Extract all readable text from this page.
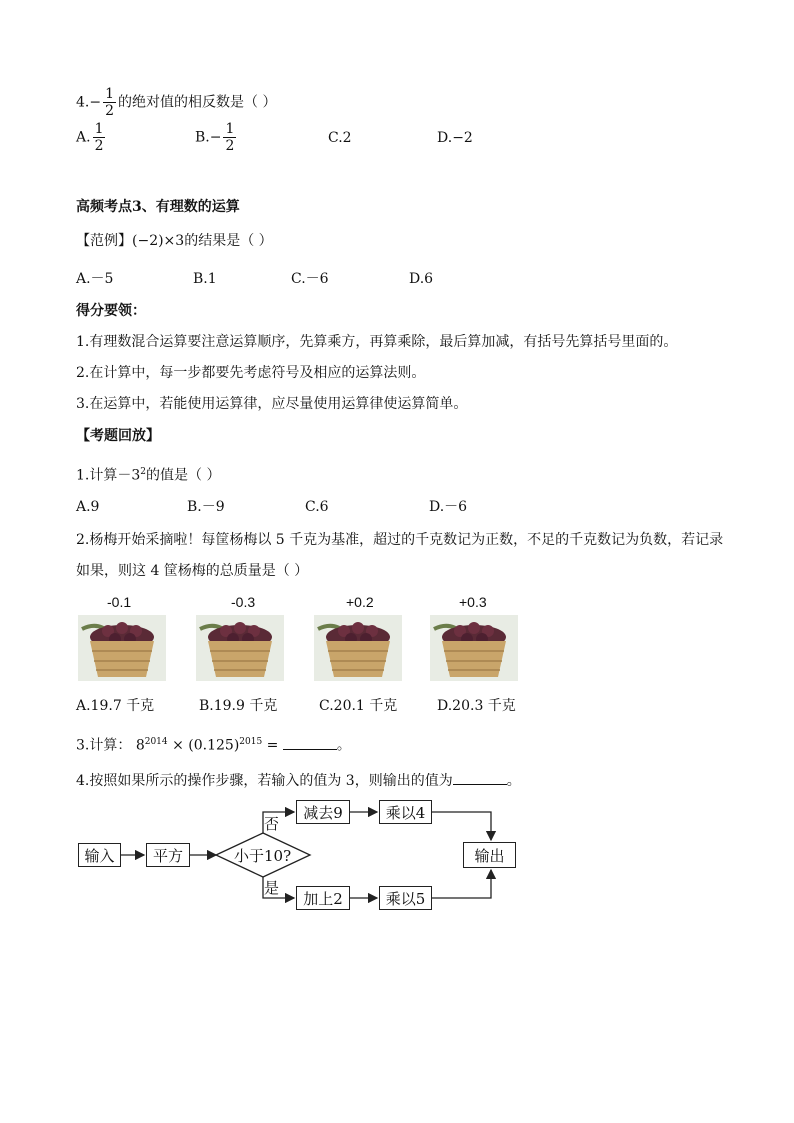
$4.- \frac{1}{2}$ 的绝对值的相反数是（ ）
A. $\frac{1}{2}$	$B.- \frac{1}{2}$	C.2	D.−2
高频考点3、有理数的运算
【范例】(−2)×3的结果是（ ）
A.－5	B.1	C.－6	D.6
得分要领：
1.有理数混合运算要注意运算顺序，先算乘方，再算乘除，最后算加减，有括号先算括号里面的。
2.在计算中，每一步都要先考虑符号及相应的运算法则。
3.在运算中，若能使用运算律，应尽量使用运算律使运算简单。
【考题回放】
1.计算$-3^2$的值是（ ）
A.9	B.－9	C.6	D.－6
2.杨梅开始采摘啦！每筐杨梅以 5 千克为基准，超过的千克数记为正数，不足的千克数记为负数，若记录
如果，则这 4 筐杨梅的总质量是（ ）
-0.1	-0.3	+0.2	+0.3
A.19.7 千克	B.19.9 千克	C.20.1 千克	D.20.3 千克
3.计算： $8^{2014} \times (0.125)^{2015}$ =	。
4.按照如果所示的操作步骤，若输入的值为 3，则输出的值为	。
输入	平方	小于10?
否
是
减去9	乘以4
加上2	乘以5
输出
